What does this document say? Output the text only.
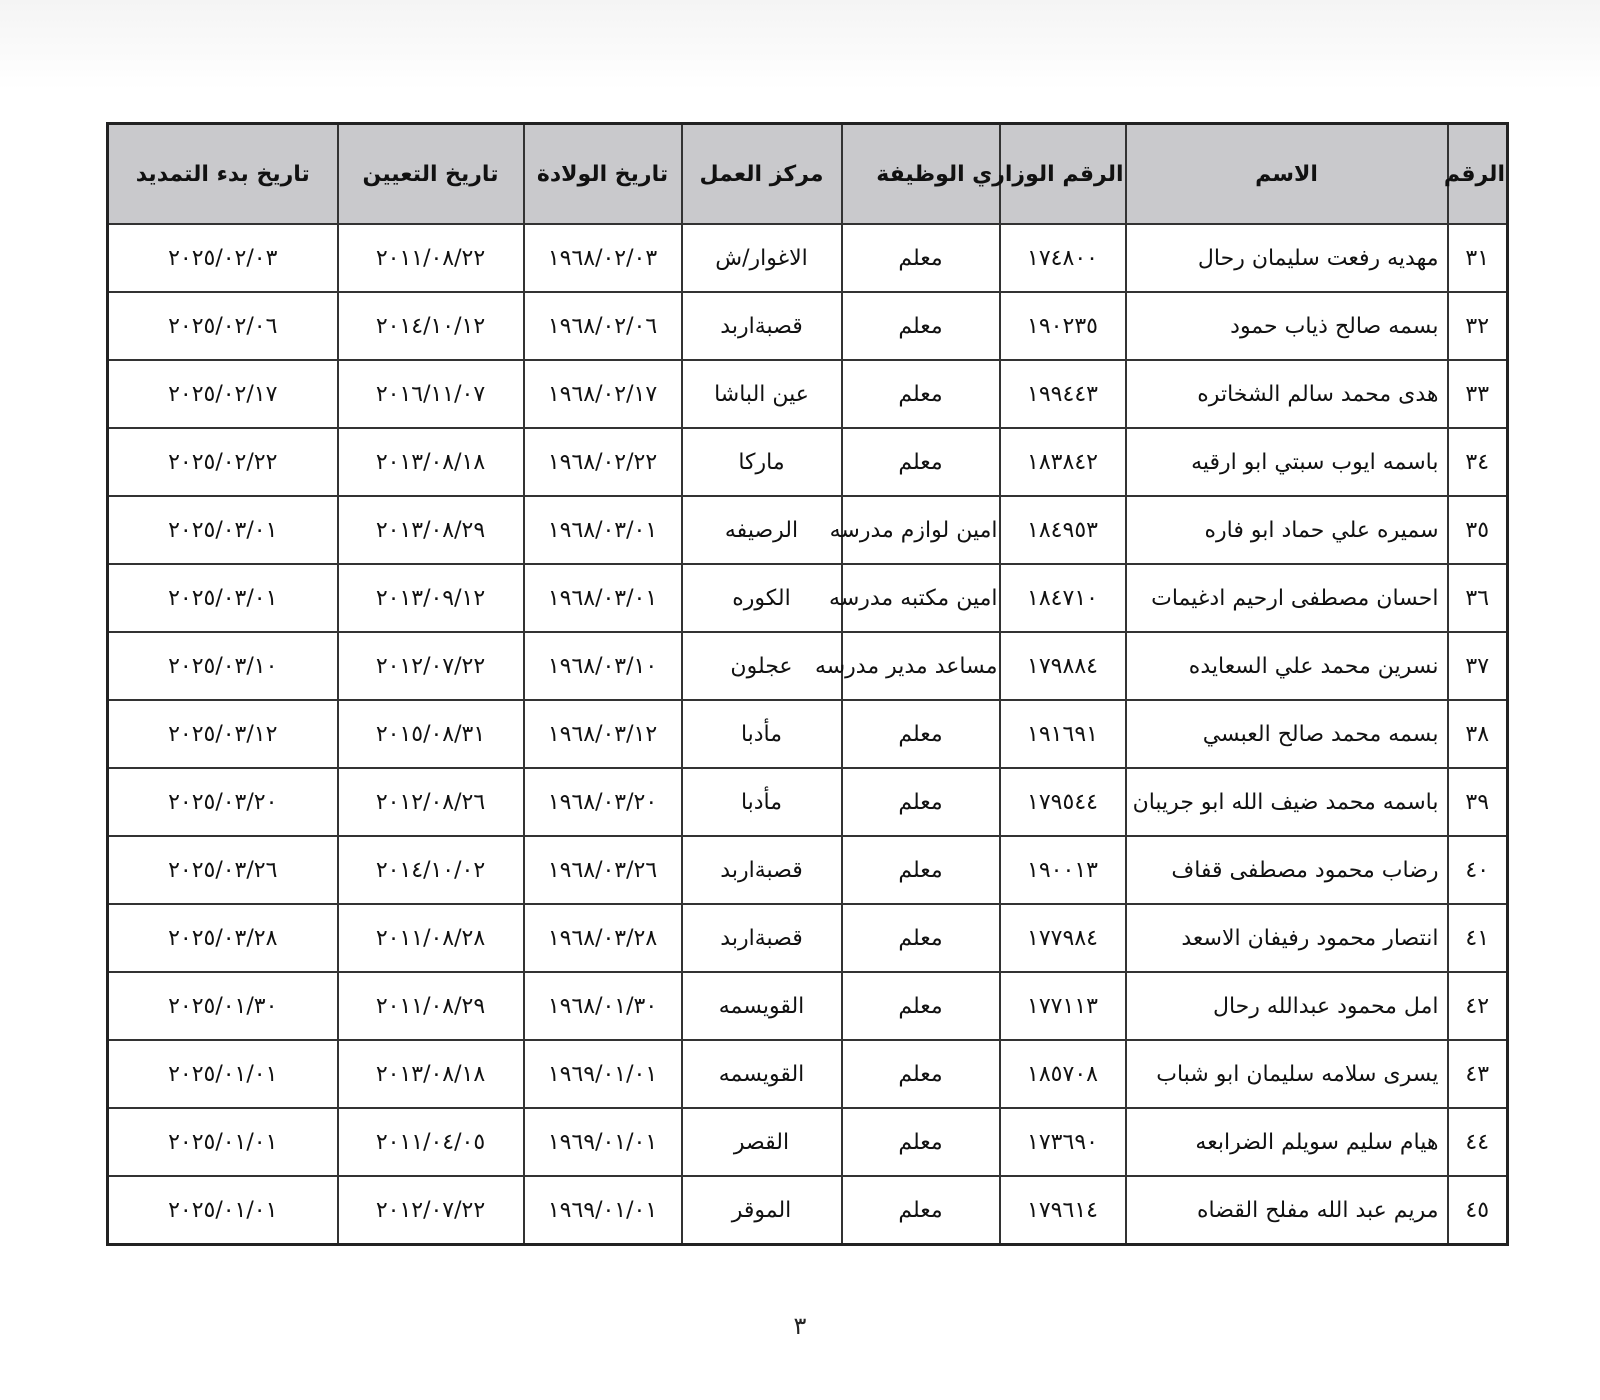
الرقم	الاسم	الرقم الوزاري	الوظيفة	مركز العمل	تاريخ الولادة	تاريخ التعيين	تاريخ بدء التمديد
٣١	مهديه رفعت سليمان رحال	١٧٤٨٠٠	معلم	الاغوار/ش	١٩٦٨/٠٢/٠٣	٢٠١١/٠٨/٢٢	٢٠٢٥/٠٢/٠٣
٣٢	بسمه صالح ذياب حمود	١٩٠٢٣٥	معلم	قصبةاربد	١٩٦٨/٠٢/٠٦	٢٠١٤/١٠/١٢	٢٠٢٥/٠٢/٠٦
٣٣	هدى محمد سالم الشخاتره	١٩٩٤٤٣	معلم	عين الباشا	١٩٦٨/٠٢/١٧	٢٠١٦/١١/٠٧	٢٠٢٥/٠٢/١٧
٣٤	باسمه ايوب سبتي ابو ارقيه	١٨٣٨٤٢	معلم	ماركا	١٩٦٨/٠٢/٢٢	٢٠١٣/٠٨/١٨	٢٠٢٥/٠٢/٢٢
٣٥	سميره علي حماد ابو فاره	١٨٤٩٥٣	امين لوازم مدرسه	الرصيفه	١٩٦٨/٠٣/٠١	٢٠١٣/٠٨/٢٩	٢٠٢٥/٠٣/٠١
٣٦	احسان مصطفى ارحيم ادغيمات	١٨٤٧١٠	امين مكتبه مدرسه	الكوره	١٩٦٨/٠٣/٠١	٢٠١٣/٠٩/١٢	٢٠٢٥/٠٣/٠١
٣٧	نسرين محمد علي السعايده	١٧٩٨٨٤	مساعد مدير مدرسه	عجلون	١٩٦٨/٠٣/١٠	٢٠١٢/٠٧/٢٢	٢٠٢٥/٠٣/١٠
٣٨	بسمه محمد صالح العبسي	١٩١٦٩١	معلم	مأدبا	١٩٦٨/٠٣/١٢	٢٠١٥/٠٨/٣١	٢٠٢٥/٠٣/١٢
٣٩	باسمه محمد ضيف الله ابو جريبان	١٧٩٥٤٤	معلم	مأدبا	١٩٦٨/٠٣/٢٠	٢٠١٢/٠٨/٢٦	٢٠٢٥/٠٣/٢٠
٤٠	رضاب محمود مصطفى قفاف	١٩٠٠١٣	معلم	قصبةاربد	١٩٦٨/٠٣/٢٦	٢٠١٤/١٠/٠٢	٢٠٢٥/٠٣/٢٦
٤١	انتصار محمود رفيفان الاسعد	١٧٧٩٨٤	معلم	قصبةاربد	١٩٦٨/٠٣/٢٨	٢٠١١/٠٨/٢٨	٢٠٢٥/٠٣/٢٨
٤٢	امل محمود عبدالله رحال	١٧٧١١٣	معلم	القويسمه	١٩٦٨/٠١/٣٠	٢٠١١/٠٨/٢٩	٢٠٢٥/٠١/٣٠
٤٣	يسرى سلامه سليمان ابو شباب	١٨٥٧٠٨	معلم	القويسمه	١٩٦٩/٠١/٠١	٢٠١٣/٠٨/١٨	٢٠٢٥/٠١/٠١
٤٤	هيام سليم سويلم الضرابعه	١٧٣٦٩٠	معلم	القصر	١٩٦٩/٠١/٠١	٢٠١١/٠٤/٠٥	٢٠٢٥/٠١/٠١
٤٥	مريم عبد الله مفلح القضاه	١٧٩٦١٤	معلم	الموقر	١٩٦٩/٠١/٠١	٢٠١٢/٠٧/٢٢	٢٠٢٥/٠١/٠١
٣
